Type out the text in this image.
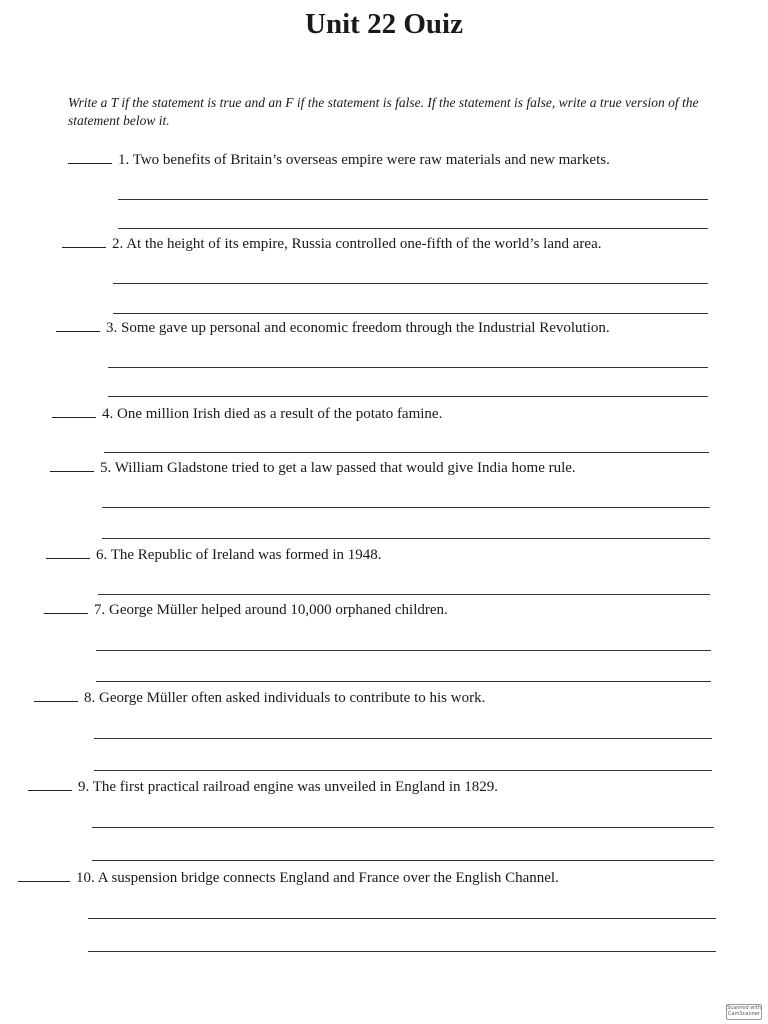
Unit 22 Ouiz
Write a T if the statement is true and an F if the statement is false. If the statement is false, write a true version of the statement below it.
1. Two benefits of Britain’s overseas empire were raw materials and new markets.
2. At the height of its empire, Russia controlled one-fifth of the world’s land area.
3. Some gave up personal and economic freedom through the Industrial Revolution.
4. One million Irish died as a result of the potato famine.
5. William Gladstone tried to get a law passed that would give India home rule.
6. The Republic of Ireland was formed in 1948.
7. George Müller helped around 10,000 orphaned children.
8. George Müller often asked individuals to contribute to his work.
9. The first practical railroad engine was unveiled in England in 1829.
10. A suspension bridge connects England and France over the English Channel.
Scanned with CamScanner
